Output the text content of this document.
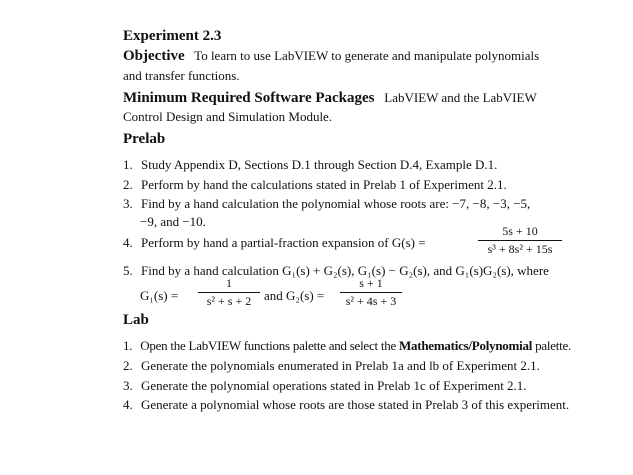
Experiment 2.3
Objective To learn to use LabVIEW to generate and manipulate polynomials
and transfer functions.
Minimum Required Software Packages LabVIEW and the LabVIEW
Control Design and Simulation Module.
Prelab
1. Study Appendix D, Sections D.1 through Section D.4, Example D.1.
2. Perform by hand the calculations stated in Prelab 1 of Experiment 2.1.
3. Find by a hand calculation the polynomial whose roots are: −7, −8, −3, −5,
−9, and −10.
4. Perform by hand a partial-fraction expansion of G(s) =
5s + 10
s³ + 8s² + 15s
5. Find by a hand calculation G₁(s) + G₂(s), G₁(s) − G₂(s), and G₁(s)G₂(s), where
G₁(s) =
1
s² + s + 2 and G₂(s) =
s + 1
s² + 4s + 3
Lab
1. Open the LabVIEW functions palette and select the Mathematics/Polynomial palette.
2. Generate the polynomials enumerated in Prelab 1a and lb of Experiment 2.1.
3. Generate the polynomial operations stated in Prelab 1c of Experiment 2.1.
4. Generate a polynomial whose roots are those stated in Prelab 3 of this experiment.
